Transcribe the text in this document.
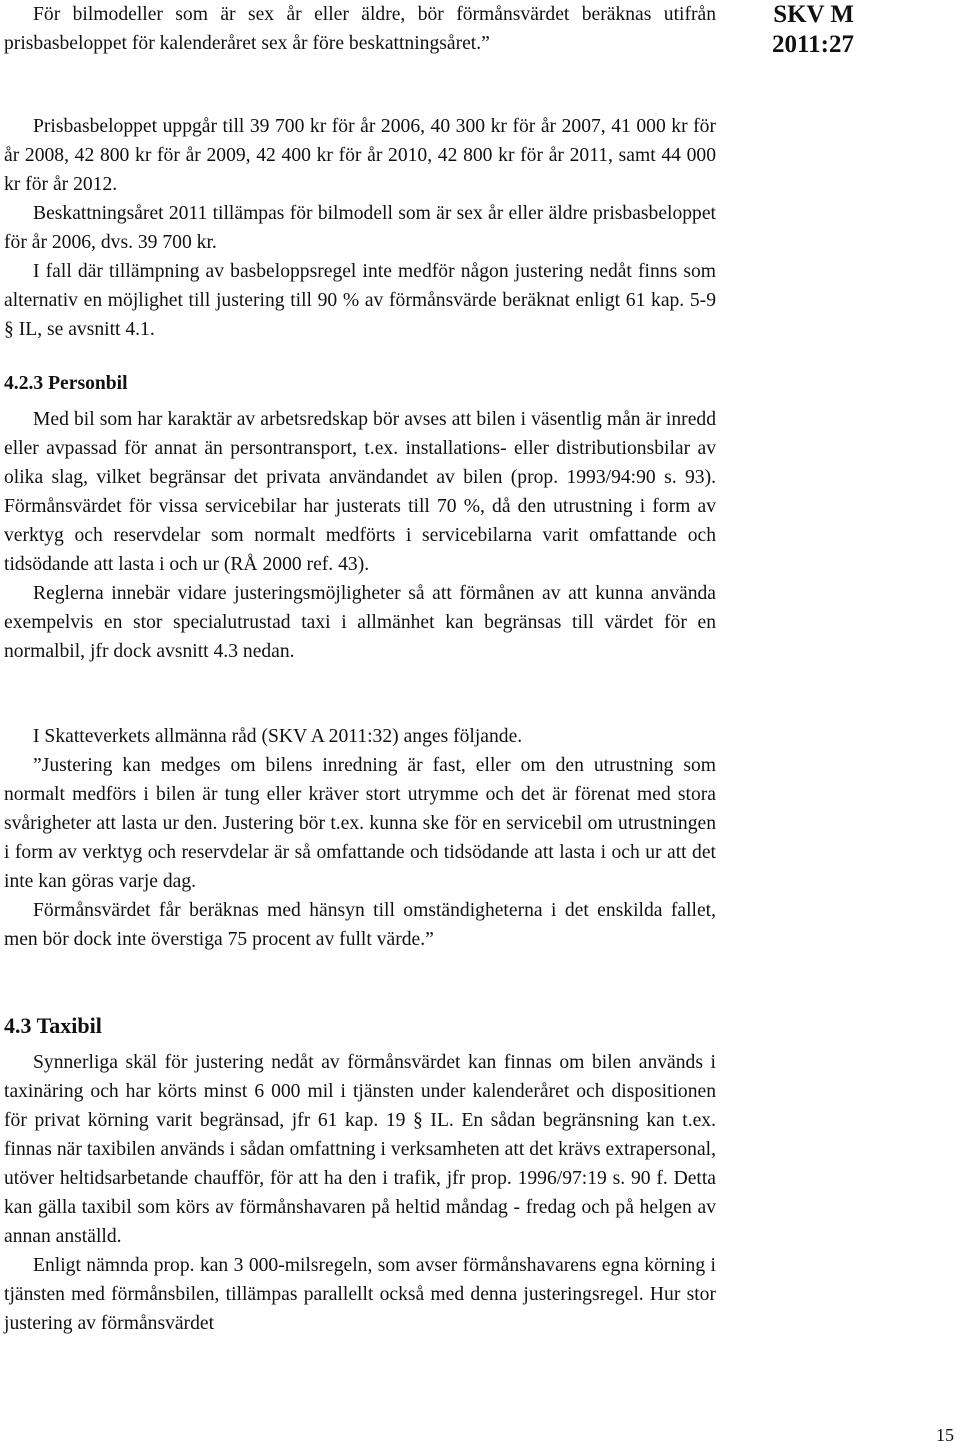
SKV M
2011:27

För bilmodeller som är sex år eller äldre, bör förmånsvärdet beräknas utifrån prisbasbeloppet för kalenderåret sex år före beskattningsåret.”

Prisbasbeloppet uppgår till 39 700 kr för år 2006, 40 300 kr för år 2007, 41 000 kr för år 2008, 42 800 kr för år 2009, 42 400 kr för år 2010, 42 800 kr för år 2011, samt 44 000 kr för år 2012.

Beskattningsåret 2011 tillämpas för bilmodell som är sex år eller äldre prisbasbeloppet för år 2006, dvs. 39 700 kr.

I fall där tillämpning av basbeloppsregel inte medför någon justering nedåt finns som alternativ en möjlighet till justering till 90 % av förmånsvärde beräknat enligt 61 kap. 5-9 § IL, se avsnitt 4.1.

4.2.3 Personbil

Med bil som har karaktär av arbetsredskap bör avses att bilen i väsentlig mån är inredd eller avpassad för annat än persontransport, t.ex. installations- eller distributionsbilar av olika slag, vilket begränsar det privata användandet av bilen (prop. 1993/94:90 s. 93). Förmånsvärdet för vissa servicebilar har justerats till 70 %, då den utrustning i form av verktyg och reservdelar som normalt medförts i servicebilarna varit omfattande och tidsödande att lasta i och ur (RÅ 2000 ref. 43).

Reglerna innebär vidare justeringsmöjligheter så att förmånen av att kunna använda exempelvis en stor specialutrustad taxi i allmänhet kan begränsas till värdet för en normalbil, jfr dock avsnitt 4.3 nedan.

I Skatteverkets allmänna råd (SKV A 2011:32) anges följande.

”Justering kan medges om bilens inredning är fast, eller om den utrustning som normalt medförs i bilen är tung eller kräver stort utrymme och det är förenat med stora svårigheter att lasta ur den. Justering bör t.ex. kunna ske för en servicebil om utrustningen i form av verktyg och reservdelar är så omfattande och tidsödande att lasta i och ur att det inte kan göras varje dag.

Förmånsvärdet får beräknas med hänsyn till omständigheterna i det enskilda fallet, men bör dock inte överstiga 75 procent av fullt värde.”

4.3 Taxibil

Synnerliga skäl för justering nedåt av förmånsvärdet kan finnas om bilen används i taxinäring och har körts minst 6 000 mil i tjänsten under kalenderåret och dispositionen för privat körning varit begränsad, jfr 61 kap. 19 § IL. En sådan begränsning kan t.ex. finnas när taxibilen används i sådan omfattning i verksamheten att det krävs extrapersonal, utöver heltidsarbetande chaufför, för att ha den i trafik, jfr prop. 1996/97:19 s. 90 f. Detta kan gälla taxibil som körs av förmånshavaren på heltid måndag - fredag och på helgen av annan anställd.

Enligt nämnda prop. kan 3 000-milsregeln, som avser förmånshavarens egna körning i tjänsten med förmånsbilen, tillämpas parallellt också med denna justeringsregel. Hur stor justering av förmånsvärdet

15
